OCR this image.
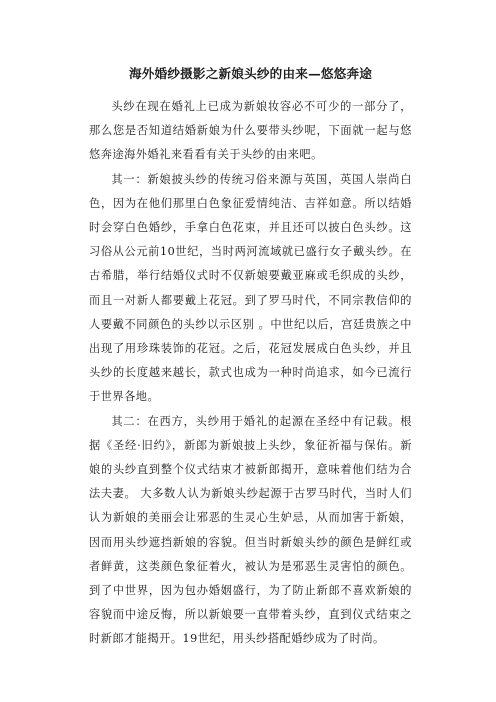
海外婚纱摄影之新娘头纱的由来—悠悠奔途

头纱在现在婚礼上已成为新娘妆容必不可少的一部分了，那么您是否知道结婚新娘为什么要带头纱呢，下面就一起与悠悠奔途海外婚礼来看看有关于头纱的由来吧。

其一：新娘披头纱的传统习俗来源与英国，英国人崇尚白色，因为在他们那里白色象征爱情纯洁、吉祥如意。所以结婚时会穿白色婚纱，手拿白色花束，并且还可以披白色头纱。这习俗从公元前10世纪，当时两河流域就已盛行女子戴头纱。在古希腊，举行结婚仪式时不仅新娘要戴亚麻或毛织成的头纱，而且一对新人都要戴上花冠。到了罗马时代，不同宗教信仰的人要戴不同颜色的头纱以示区别 。中世纪以后，宫廷贵族之中出现了用珍珠装饰的花冠。之后，花冠发展成白色头纱，并且头纱的长度越来越长，款式也成为一种时尚追求，如今已流行于世界各地。

其二：在西方，头纱用于婚礼的起源在圣经中有记载。根据《圣经·旧约》，新郎为新娘披上头纱，象征祈福与保佑。新娘的头纱直到整个仪式结束才被新郎揭开，意味着他们结为合法夫妻。 大多数人认为新娘头纱起源于古罗马时代，当时人们认为新娘的美丽会让邪恶的生灵心生妒忌，从而加害于新娘，因而用头纱遮挡新娘的容貌。但当时新娘头纱的颜色是鲜红或者鲜黄，这类颜色象征着火，被认为是邪恶生灵害怕的颜色。到了中世界，因为包办婚姻盛行，为了防止新郎不喜欢新娘的容貌而中途反悔，所以新娘要一直带着头纱，直到仪式结束之时新郎才能揭开。19世纪，用头纱搭配婚纱成为了时尚。
